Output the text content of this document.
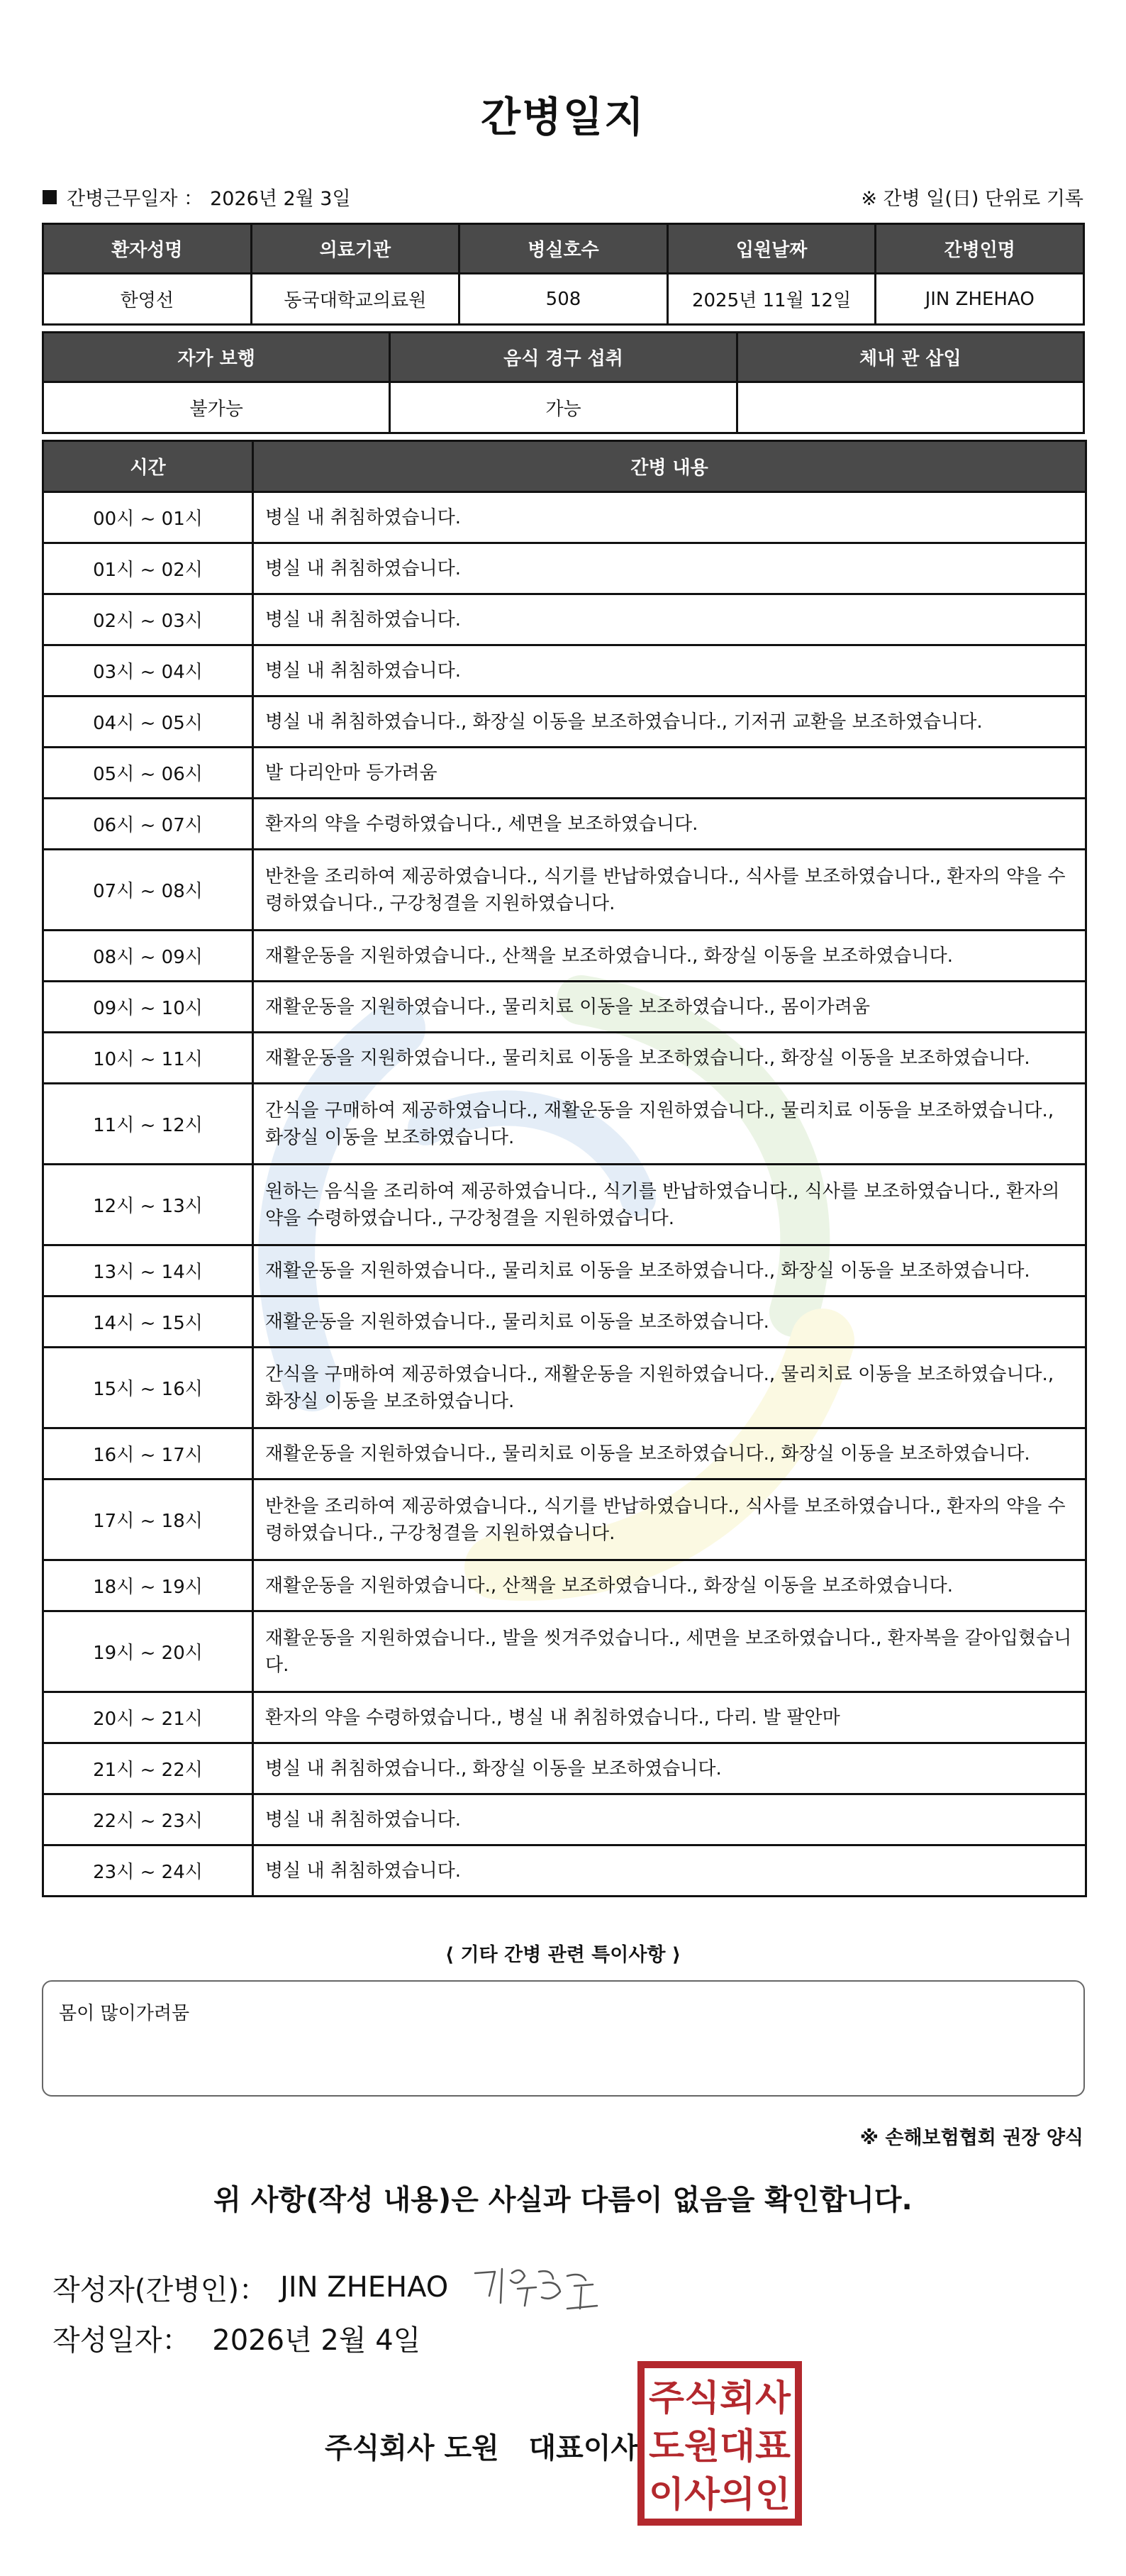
간병일지
간병근무일자 ： 2026년 2월 3일	※ 간병 일(日) 단위로 기록
환자성명	의료기관	병실호수	입원날짜	간병인명
한영선	동국대학교의료원	508	2025년 11월 12일	JIN ZHEHAO
자가 보행	음식 경구 섭취	체내 관 삽입
불가능	가능	
시간	간병 내용
00시 ~ 01시	병실 내 취침하였습니다.
01시 ~ 02시	병실 내 취침하였습니다.
02시 ~ 03시	병실 내 취침하였습니다.
03시 ~ 04시	병실 내 취침하였습니다.
04시 ~ 05시	병실 내 취침하였습니다., 화장실 이동을 보조하였습니다., 기저귀 교환을 보조하였습니다.
05시 ~ 06시	발 다리안마 등가려움
06시 ~ 07시	환자의 약을 수령하였습니다., 세면을 보조하였습니다.
07시 ~ 08시	반찬을 조리하여 제공하였습니다., 식기를 반납하였습니다., 식사를 보조하였습니다., 환자의 약을 수령하였습니다., 구강청결을 지원하였습니다.
08시 ~ 09시	재활운동을 지원하였습니다., 산책을 보조하였습니다., 화장실 이동을 보조하였습니다.
09시 ~ 10시	재활운동을 지원하였습니다., 물리치료 이동을 보조하였습니다., 몸이가려움
10시 ~ 11시	재활운동을 지원하였습니다., 물리치료 이동을 보조하였습니다., 화장실 이동을 보조하였습니다.
11시 ~ 12시	간식을 구매하여 제공하였습니다., 재활운동을 지원하였습니다., 물리치료 이동을 보조하였습니다., 화장실 이동을 보조하였습니다.
12시 ~ 13시	원하는 음식을 조리하여 제공하였습니다., 식기를 반납하였습니다., 식사를 보조하였습니다., 환자의 약을 수령하였습니다., 구강청결을 지원하였습니다.
13시 ~ 14시	재활운동을 지원하였습니다., 물리치료 이동을 보조하였습니다., 화장실 이동을 보조하였습니다.
14시 ~ 15시	재활운동을 지원하였습니다., 물리치료 이동을 보조하였습니다.
15시 ~ 16시	간식을 구매하여 제공하였습니다., 재활운동을 지원하였습니다., 물리치료 이동을 보조하였습니다., 화장실 이동을 보조하였습니다.
16시 ~ 17시	재활운동을 지원하였습니다., 물리치료 이동을 보조하였습니다., 화장실 이동을 보조하였습니다.
17시 ~ 18시	반찬을 조리하여 제공하였습니다., 식기를 반납하였습니다., 식사를 보조하였습니다., 환자의 약을 수령하였습니다., 구강청결을 지원하였습니다.
18시 ~ 19시	재활운동을 지원하였습니다., 산책을 보조하였습니다., 화장실 이동을 보조하였습니다.
19시 ~ 20시	재활운동을 지원하였습니다., 발을 씻겨주었습니다., 세면을 보조하였습니다., 환자복을 갈아입혔습니다.
20시 ~ 21시	환자의 약을 수령하였습니다., 병실 내 취침하였습니다., 다리. 발 팔안마
21시 ~ 22시	병실 내 취침하였습니다., 화장실 이동을 보조하였습니다.
22시 ~ 23시	병실 내 취침하였습니다.
23시 ~ 24시	병실 내 취침하였습니다.
⟨ 기타 간병 관련 특이사항 ⟩
몸이 많이가려뭄
※ 손해보험협회 권장 양식
위 사항(작성 내용)은 사실과 다름이 없음을 확인합니다.
작성자(간병인)： JIN ZHEHAO
작성일자： 2026년 2월 4일
주식회사 도원   대표이사
주식회사
도원대표
이사의인
